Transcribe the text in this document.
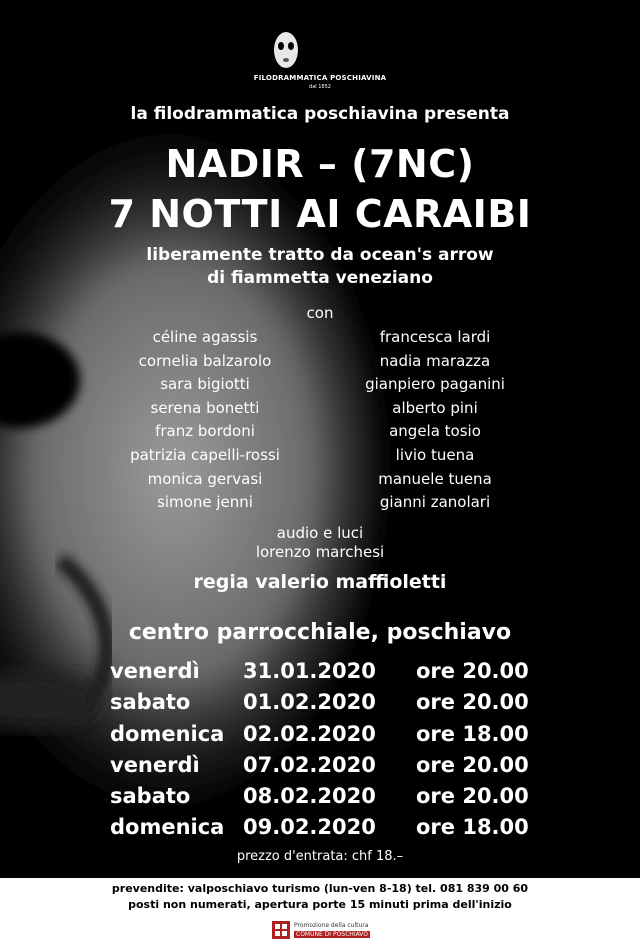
FILODRAMMATICA POSCHIAVINA
dal 1852
la filodrammatica poschiavina presenta
NADIR – (7NC)
7 NOTTI AI CARAIBI
liberamente tratto da ocean's arrow
di fiammetta veneziano
con
céline agassis
cornelia balzarolo
sara bigiotti
serena bonetti
franz bordoni
patrizia capelli-rossi
monica gervasi
simone jenni
francesca lardi
nadia marazza
gianpiero paganini
alberto pini
angela tosio
livio tuena
manuele tuena
gianni zanolari
audio e luci
lorenzo marchesi
regia valerio maffioletti
centro parrocchiale, poschiavo
venerdì 31.01.2020 ore 20.00
sabato	01.02.2020 ore 20.00
domenica 02.02.2020 ore 18.00
venerdì 07.02.2020 ore 20.00
sabato	08.02.2020 ore 20.00
domenica 09.02.2020 ore 18.00
prezzo d'entrata: chf 18.–
prevendite: valposchiavo turismo (lun-ven 8-18) tel. 081 839 00 60
posti non numerati, apertura porte 15 minuti prima dell'inizio
Promozione della cultura
COMUNE DI POSCHIAVO
